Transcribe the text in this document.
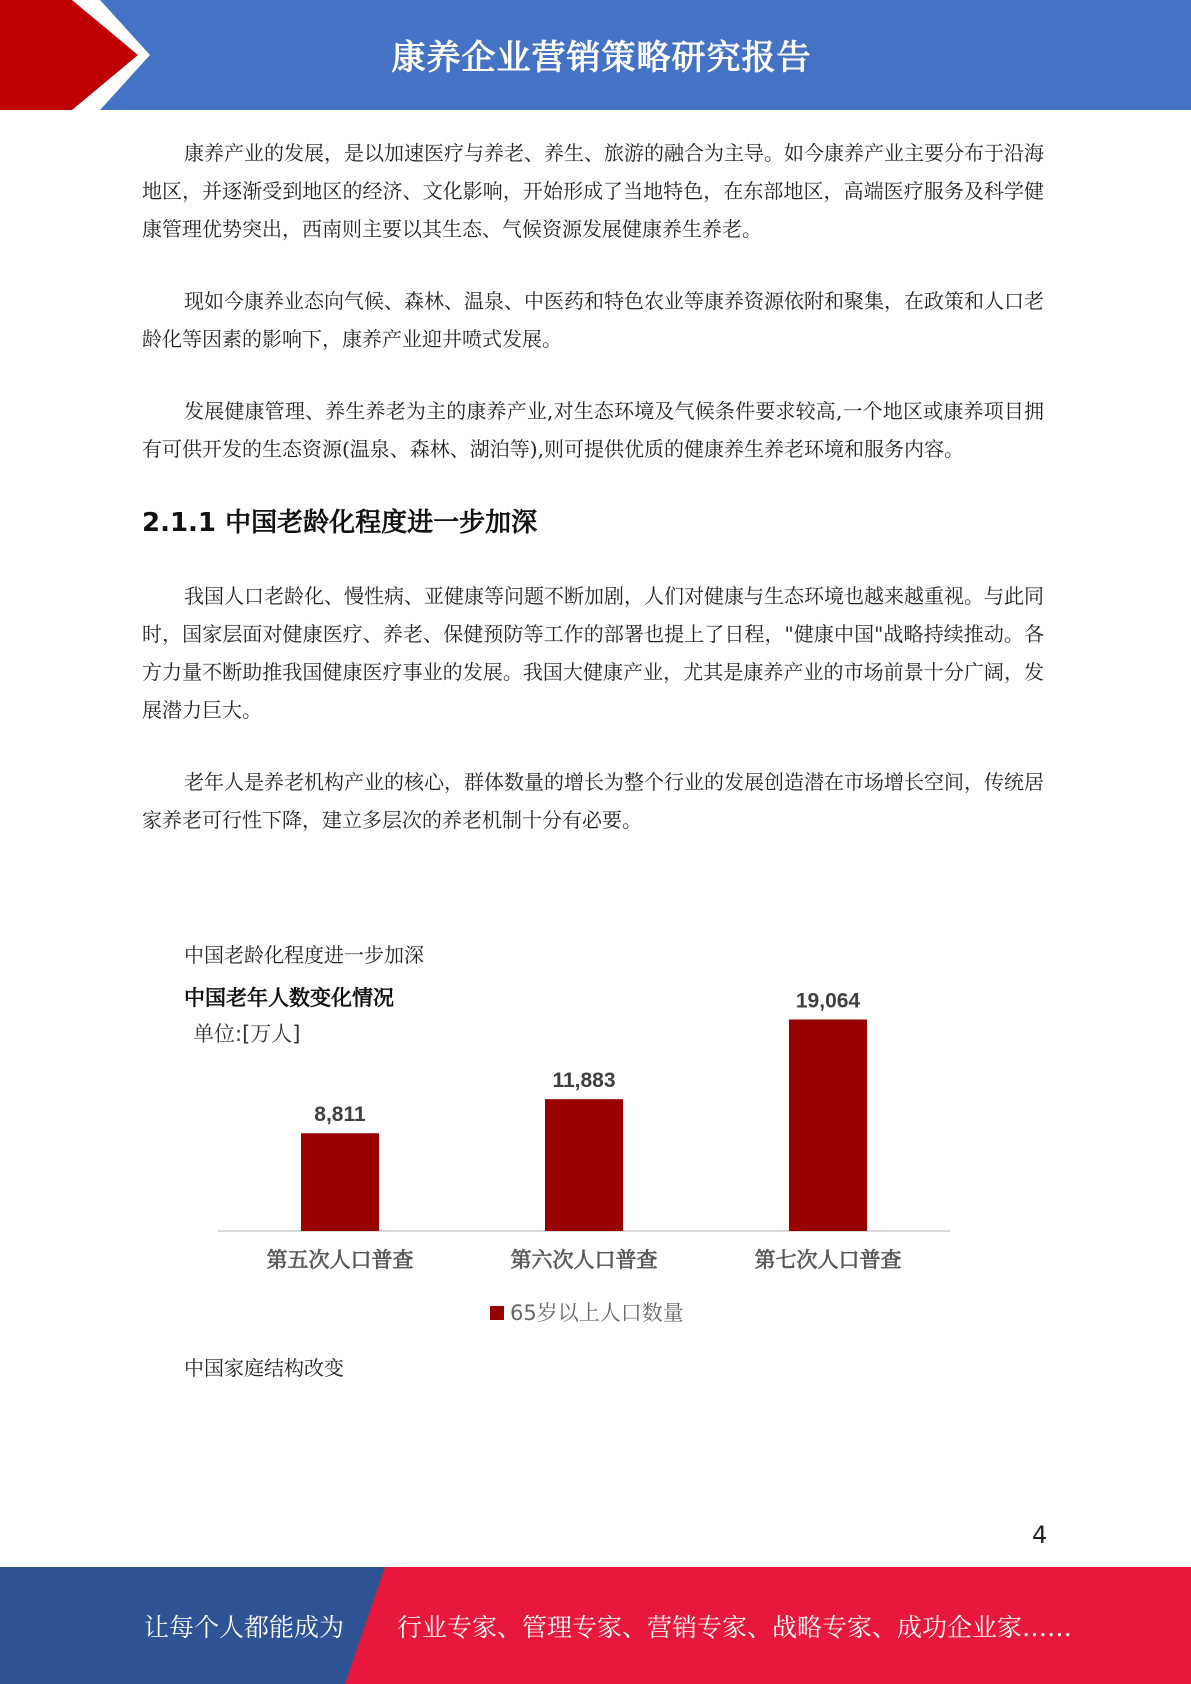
康养企业营销策略研究报告

康养产业的发展，是以加速医疗与养老、养生、旅游的融合为主导。如今康养产业主要分布于沿海地区，并逐渐受到地区的经济、文化影响，开始形成了当地特色，在东部地区，高端医疗服务及科学健康管理优势突出，西南则主要以其生态、气候资源发展健康养生养老。

现如今康养业态向气候、森林、温泉、中医药和特色农业等康养资源依附和聚集，在政策和人口老龄化等因素的影响下，康养产业迎井喷式发展。

发展健康管理、养生养老为主的康养产业,对生态环境及气候条件要求较高,一个地区或康养项目拥有可供开发的生态资源(温泉、森林、湖泊等),则可提供优质的健康养生养老环境和服务内容。

2.1.1 中国老龄化程度进一步加深

我国人口老龄化、慢性病、亚健康等问题不断加剧，人们对健康与生态环境也越来越重视。与此同时，国家层面对健康医疗、养老、保健预防等工作的部署也提上了日程，"健康中国"战略持续推动。各方力量不断助推我国健康医疗事业的发展。我国大健康产业，尤其是康养产业的市场前景十分广阔，发展潜力巨大。

老年人是养老机构产业的核心，群体数量的增长为整个行业的发展创造潜在市场增长空间，传统居家养老可行性下降，建立多层次的养老机制十分有必要。

中国老龄化程度进一步加深
中国老年人数变化情况
单位:[万人]
8,811
第五次人口普查
11,883
第六次人口普查
19,064
第七次人口普查
65岁以上人口数量
中国家庭结构改变
4
让每个人都能成为 行业专家、管理专家、营销专家、战略专家、成功企业家……
